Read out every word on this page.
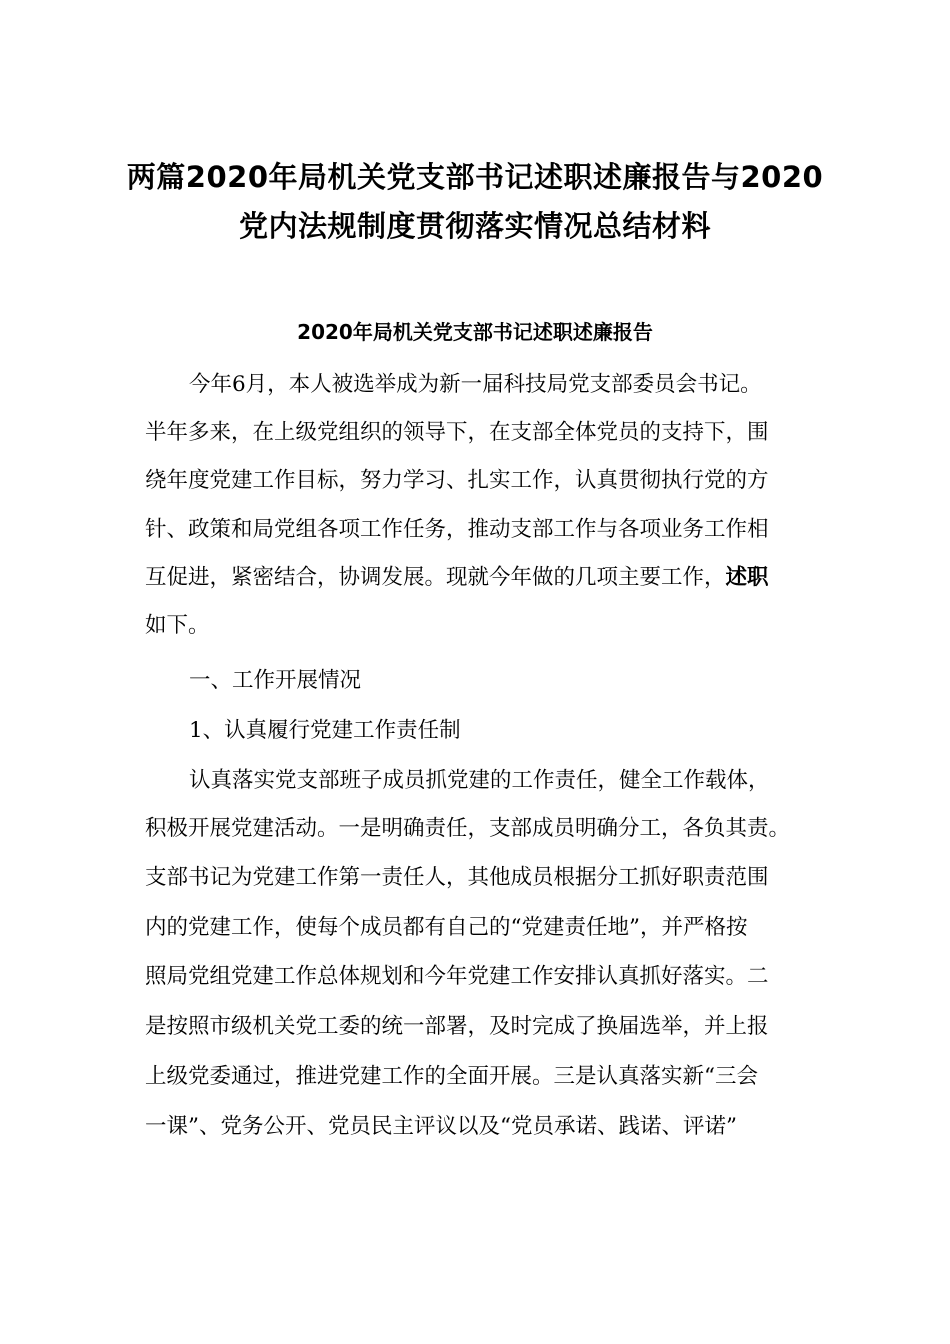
两篇2020年局机关党支部书记述职述廉报告与2020
党内法规制度贯彻落实情况总结材料
2020年局机关党支部书记述职述廉报告
今年6月，本人被选举成为新一届科技局党支部委员会书记。
半年多来，在上级党组织的领导下，在支部全体党员的支持下，围
绕年度党建工作目标，努力学习、扎实工作，认真贯彻执行党的方
针、政策和局党组各项工作任务，推动支部工作与各项业务工作相
互促进，紧密结合，协调发展。现就今年做的几项主要工作，述职
如下。
一、工作开展情况
1、认真履行党建工作责任制
认真落实党支部班子成员抓党建的工作责任，健全工作载体，
积极开展党建活动。一是明确责任，支部成员明确分工，各负其责。
支部书记为党建工作第一责任人，其他成员根据分工抓好职责范围
内的党建工作，使每个成员都有自己的“党建责任地”，并严格按
照局党组党建工作总体规划和今年党建工作安排认真抓好落实。二
是按照市级机关党工委的统一部署，及时完成了换届选举，并上报
上级党委通过，推进党建工作的全面开展。三是认真落实新“三会
一课”、党务公开、党员民主评议以及“党员承诺、践诺、评诺”
